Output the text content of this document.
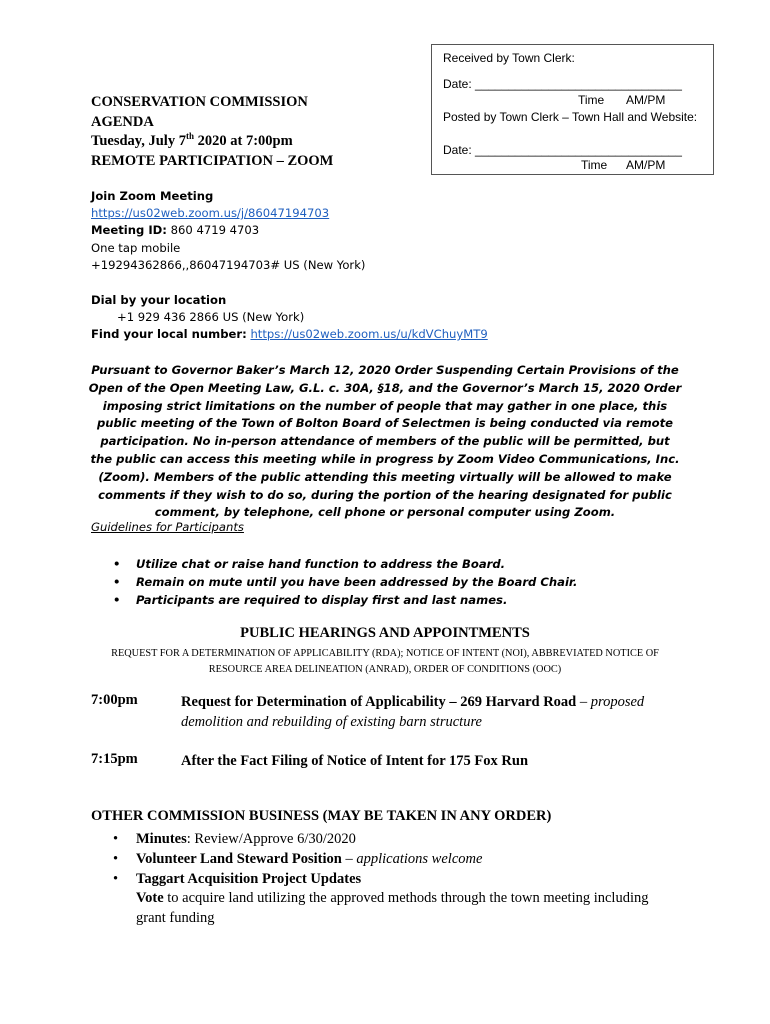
Received by Town Clerk:
Date: _______________________________
Time AM/PM
Posted by Town Clerk – Town Hall and Website:
Date: _______________________________
Time AM/PM
CONSERVATION COMMISSION
AGENDA
Tuesday, July 7th 2020 at 7:00pm
REMOTE PARTICIPATION – ZOOM
Join Zoom Meeting
https://us02web.zoom.us/j/86047194703
Meeting ID: 860 4719 4703
One tap mobile
+19294362866,,86047194703# US (New York)
Dial by your location
+1 929 436 2866 US (New York)
Find your local number: https://us02web.zoom.us/u/kdVChuyMT9
Pursuant to Governor Baker’s March 12, 2020 Order Suspending Certain Provisions of the Open of the Open Meeting Law, G.L. c. 30A, §18, and the Governor’s March 15, 2020 Order imposing strict limitations on the number of people that may gather in one place, this public meeting of the Town of Bolton Board of Selectmen is being conducted via remote participation. No in-person attendance of members of the public will be permitted, but the public can access this meeting while in progress by Zoom Video Communications, Inc. (Zoom). Members of the public attending this meeting virtually will be allowed to make comments if they wish to do so, during the portion of the hearing designated for public comment, by telephone, cell phone or personal computer using Zoom.
Guidelines for Participants
• Utilize chat or raise hand function to address the Board.
• Remain on mute until you have been addressed by the Board Chair.
• Participants are required to display first and last names.
PUBLIC HEARINGS AND APPOINTMENTS
REQUEST FOR A DETERMINATION OF APPLICABILITY (RDA); NOTICE OF INTENT (NOI), ABBREVIATED NOTICE OF RESOURCE AREA DELINEATION (ANRAD), ORDER OF CONDITIONS (OOC)
7:00pm	Request for Determination of Applicability – 269 Harvard Road – proposed demolition and rebuilding of existing barn structure
7:15pm	After the Fact Filing of Notice of Intent for 175 Fox Run
OTHER COMMISSION BUSINESS (MAY BE TAKEN IN ANY ORDER)
• Minutes: Review/Approve 6/30/2020
• Volunteer Land Steward Position – applications welcome
• Taggart Acquisition Project Updates
Vote to acquire land utilizing the approved methods through the town meeting including grant funding
